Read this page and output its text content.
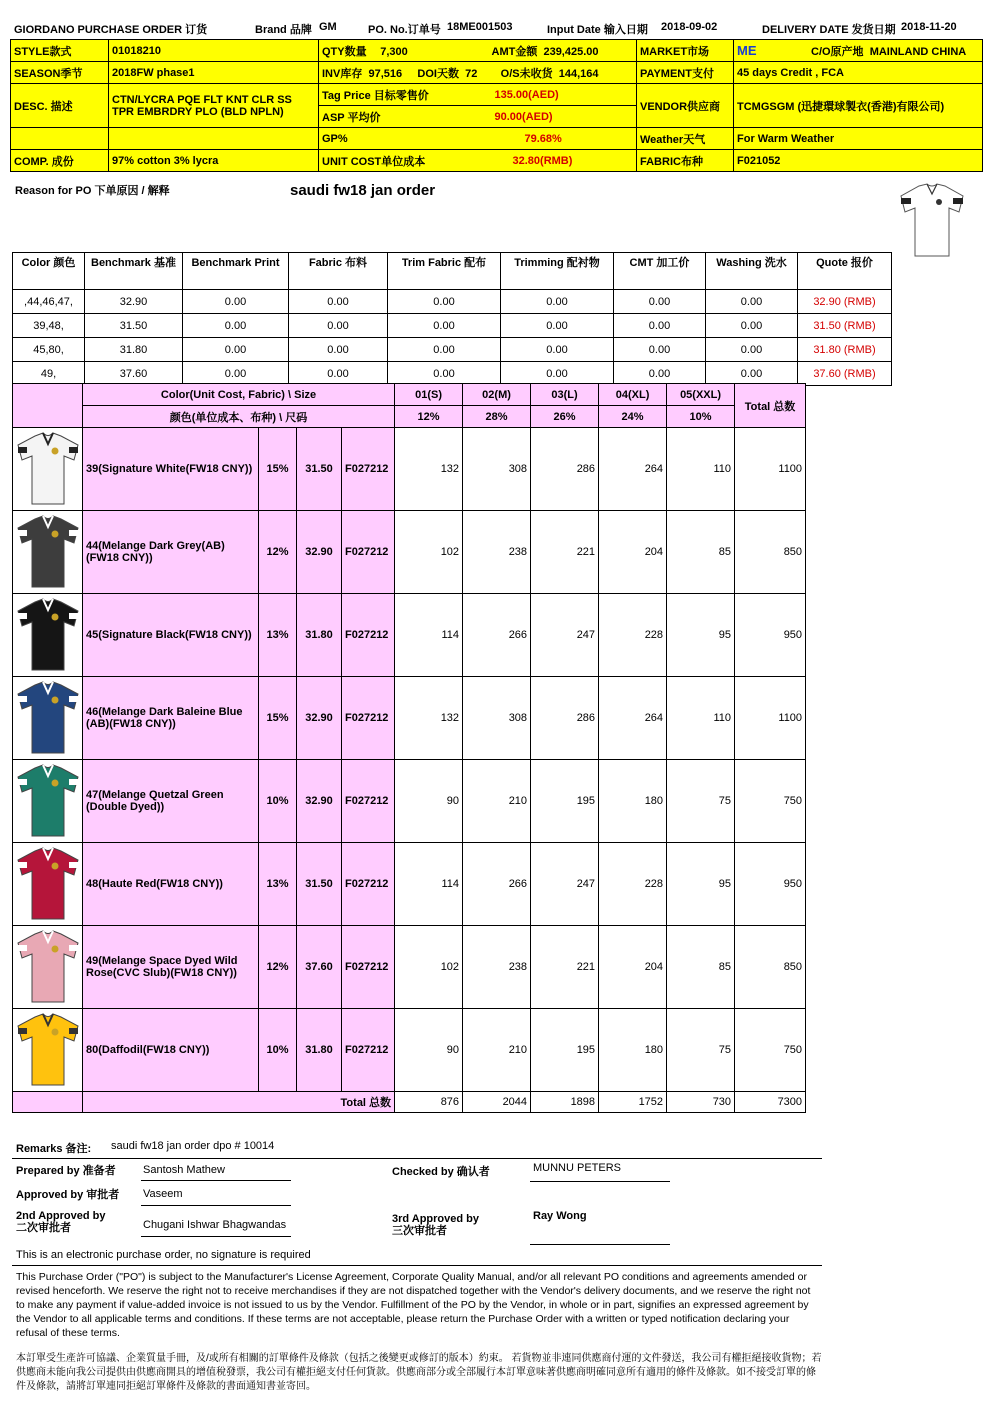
GIORDANO PURCHASE ORDER 订货	Brand 品牌 GM	PO. No.订单号 18ME001503	Input Date 输入日期 2018-09-02	DELIVERY DATE 发货日期 2018-11-20
STYLE款式	01018210	QTY数量 7,300	AMT金额 239,425.00	MARKET市场	ME C/O原产地 MAINLAND CHINA
SEASON季节	2018FW phase1	INV库存 97,516 DOI天数 72	O/S未收货 144,164	PAYMENT支付	45 days Credit , FCA
DESC. 描述	CTN/LYCRA PQE FLT KNT CLR SS TPR EMBRDRY PLO (BLD NPLN)	Tag Price 目标零售价	135.00(AED)	VENDOR供应商	TCMGSGM (迅捷環球製衣(香港)有限公司)
		ASP 平均价	90.00(AED)		
		GP%	79.68%	Weather天气	For Warm Weather
COMP. 成份	97% cotton 3% lycra	UNIT COST单位成本	32.80(RMB)	FABRIC布种	F021052
Reason for PO 下单原因 / 解释	saudi fw18 jan order
Color 颜色	Benchmark 基准	Benchmark Print	Fabric 布料	Trim Fabric 配布	Trimming 配衬物	CMT 加工价	Washing 洗水	Quote 报价
,44,46,47,	32.90	0.00	0.00	0.00	0.00	0.00	0.00	32.90 (RMB)
39,48,	31.50	0.00	0.00	0.00	0.00	0.00	0.00	31.50 (RMB)
45,80,	31.80	0.00	0.00	0.00	0.00	0.00	0.00	31.80 (RMB)
49,	37.60	0.00	0.00	0.00	0.00	0.00	0.00	37.60 (RMB)
	Color(Unit Cost, Fabric) \ Size				01(S)	02(M)	03(L)	04(XL)	05(XXL)	Total 总数
	颜色(单位成本、布种) \ 尺码				12%	28%	26%	24%	10%	

	39(Signature White(FW18 CNY))	15%	31.50	F027212	132	308	286	264	110	1100

	44(Melange Dark Grey(AB)(FW18 CNY))	12%	32.90	F027212	102	238	221	204	85	850

	45(Signature Black(FW18 CNY))	13%	31.80	F027212	114	266	247	228	95	950

	46(Melange Dark Baleine Blue (AB)(FW18 CNY))	15%	32.90	F027212	132	308	286	264	110	1100

	47(Melange Quetzal Green (Double Dyed))	10%	32.90	F027212	90	210	195	180	75	750

	48(Haute Red(FW18 CNY))	13%	31.50	F027212	114	266	247	228	95	950

	49(Melange Space Dyed Wild Rose(CVC Slub)(FW18 CNY))	12%	37.60	F027212	102	238	221	204	85	850

	80(Daffodil(FW18 CNY))	10%	31.80	F027212	90	210	195	180	75	750
	Total 总数				876	2044	1898	1752	730	7300
Remarks 备注: saudi fw18 jan order dpo # 10014
Prepared by 准备者 Santosh Mathew	Checked by 确认者	MUNNU PETERS
Approved by 审批者 Vaseem
2nd Approved by
二次审批者	Chugani Ishwar Bhagwandas	3rd Approved by
三次审批者
Ray Wong
This is an electronic purchase order, no signature is required
This Purchase Order ("PO") is subject to the Manufacturer's License Agreement, Corporate Quality Manual, and/or all relevant PO conditions and agreements amended or revised henceforth. We reserve the right not to receive merchandises if they are not dispatched together with the Vendor's delivery documents, and we reserve the right not to make any payment if value-added invoice is not issued to us by the Vendor. Fulfillment of the PO by the Vendor, in whole or in part, signifies an expressed agreement by the Vendor to all applicable terms and conditions. If these terms are not acceptable, please return the Purchase Order with a written or typed notification declaring your refusal of these terms.
本訂單受生產許可協議、企業質量手冊，及/或所有相關的訂單條件及條款（包括之後變更或修訂的版本）約束。 若貨物並非連同供應商付運的文件發送，我公司有權拒絕接收貨物；若供應商未能向我公司提供由供應商開具的增值稅發票，我公司有權拒絕支付任何貨款。供應商部分或全部履行本訂單意味著供應商明確同意所有適用的條件及條款。如不接受訂單的條件及條款，請將訂單連同拒絕訂單條件及條款的書面通知書並寄回。
